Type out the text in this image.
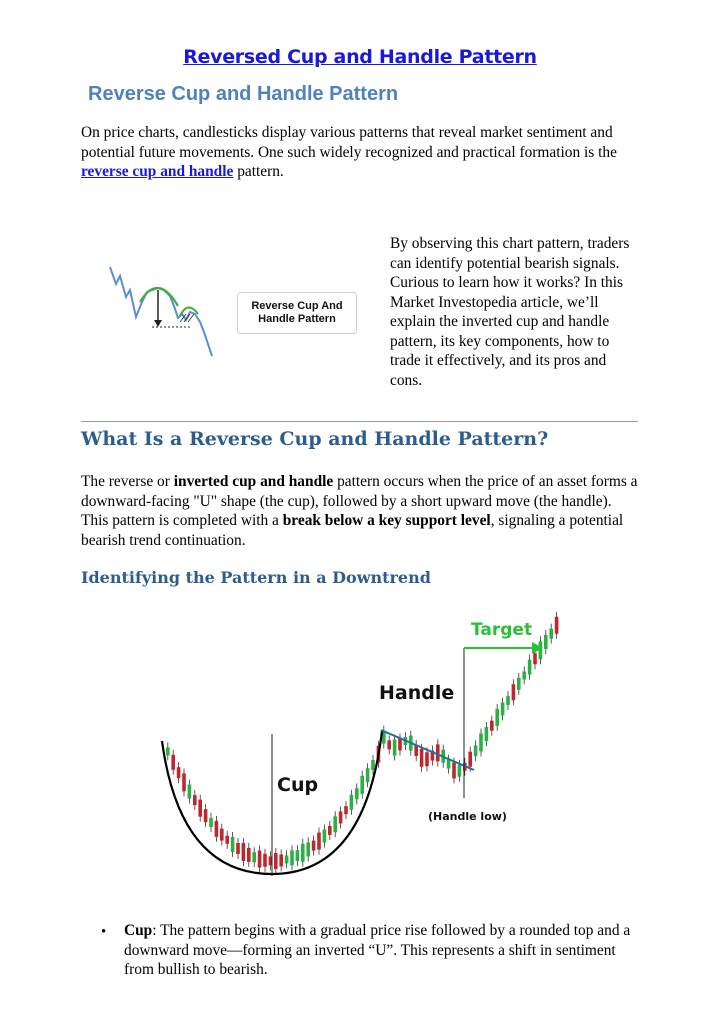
Reversed Cup and Handle Pattern
Reverse Cup and Handle Pattern
On price charts, candlesticks display various patterns that reveal market sentiment and potential future movements. One such widely recognized and practical formation is the reverse cup and handle pattern.
Reverse Cup And
Handle Pattern
By observing this chart pattern, traders can identify potential bearish signals. Curious to learn how it works? In this Market Investopedia article, we’ll explain the inverted cup and handle pattern, its key components, how to trade it effectively, and its pros and cons.
What Is a Reverse Cup and Handle Pattern?
The reverse or inverted cup and handle pattern occurs when the price of an asset forms a downward-facing "U" shape (the cup), followed by a short upward move (the handle). This pattern is completed with a break below a key support level, signaling a potential bearish trend continuation.
Identifying the Pattern in a Downtrend
Target
Handle
Cup
(Handle low)
• Cup: The pattern begins with a gradual price rise followed by a rounded top and a downward move—forming an inverted “U”. This represents a shift in sentiment from bullish to bearish.
